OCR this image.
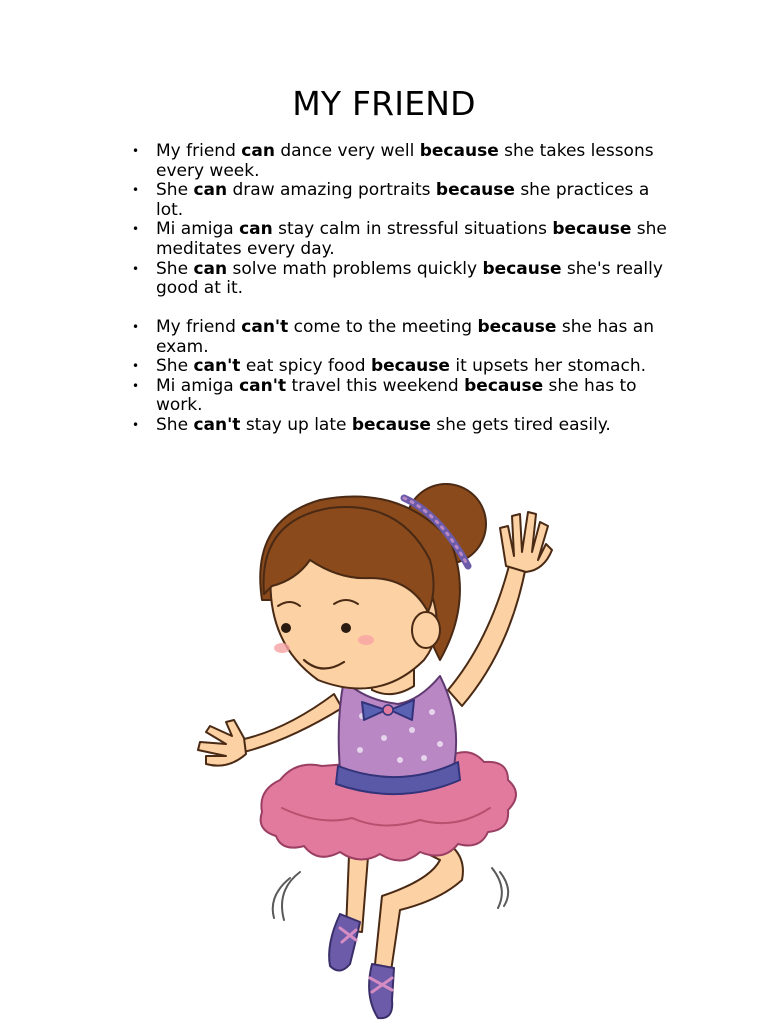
MY FRIEND
• My friend can dance very well because she takes lessons every week.
• She can draw amazing portraits because she practices a lot.
• Mi amiga can stay calm in stressful situations because she meditates every day.
• She can solve math problems quickly because she's really good at it.
• My friend can't come to the meeting because she has an exam.
• She can't eat spicy food because it upsets her stomach.
• Mi amiga can't travel this weekend because she has to work.
• She can't stay up late because she gets tired easily.
